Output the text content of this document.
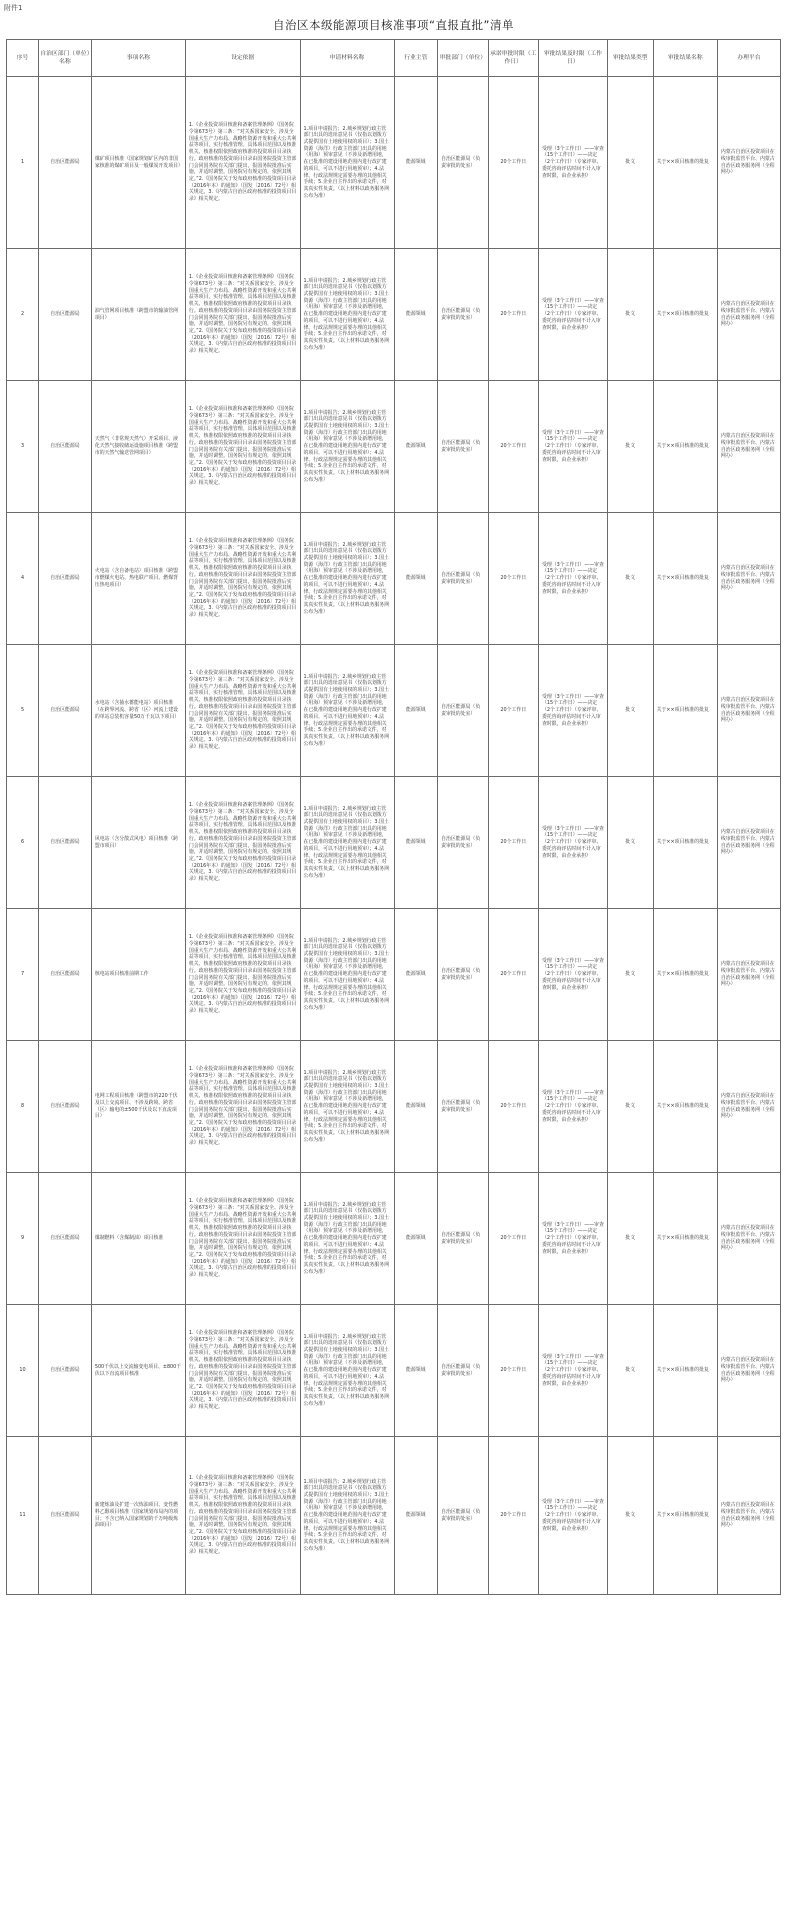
附件1
自治区本级能源项目核准事项“直报直批”清单
序号	自治区部门（单位）名称	事项名称	设定依据	申请材料名称	行业主管	审批部门（单位）	承诺审批时限（工作日）	审批结果及时限（工作日）	审批结果类型	审批结果名称	办理平台
1	自治区能源局	煤矿项目核准（国家规划矿区内的非国家核准的煤矿项目及一般煤炭开发项目）	1.《企业投资项目核准和备案管理条例》（国务院令第673号）第三条：“对关系国家安全、涉及全国重大生产力布局、战略性资源开发和重大公共利益等项目，实行核准管理。具体项目范围以及核准机关、核准权限依照政府核准的投资项目目录执行。政府核准的投资项目目录由国务院投资主管部门会同国务院有关部门提出，报国务院批准后实施，并适时调整。国务院另有规定的，依照其规定。”2.《国务院关于发布政府核准的投资项目目录（2016年本）的通知》（国发〔2016〕72号）相关规定。3.《内蒙古自治区政府核准的投资项目目录》相关规定。	1.项目申请报告；2.城乡规划行政主管部门出具的选址意见书（仅指以划拨方式提供国有土地使用权的项目）；3.国土资源（海洋）行政主管部门出具的用地（用海）预审意见（不涉及新增用地，在已批准的建设用地范围内进行改扩建的项目，可以不进行用地预审）；4.法律、行政法规规定需要办理的其他相关手续；5.企业自主作出的承诺文件，对其真实性负责。（以上材料以政务服务网公布为准）	能源领域	自治区能源局（负责审批的处室）	20个工作日	受理（3个工作日）——审查（15个工作日）——决定（2个工作日）（专家评审、委托咨询评估时间不计入审查时限，由企业承担）	批文	关于××项目核准的批复	内蒙古自治区投资项目在线审批监管平台、内蒙古自治区政务服务网（全程网办）
2	自治区能源局	油气管网项目核准（跨盟市的输油管网项目）	1.《企业投资项目核准和备案管理条例》（国务院令第673号）第三条：“对关系国家安全、涉及全国重大生产力布局、战略性资源开发和重大公共利益等项目，实行核准管理。具体项目范围以及核准机关、核准权限依照政府核准的投资项目目录执行。政府核准的投资项目目录由国务院投资主管部门会同国务院有关部门提出，报国务院批准后实施，并适时调整。国务院另有规定的，依照其规定。”2.《国务院关于发布政府核准的投资项目目录（2016年本）的通知》（国发〔2016〕72号）相关规定。3.《内蒙古自治区政府核准的投资项目目录》相关规定。	1.项目申请报告；2.城乡规划行政主管部门出具的选址意见书（仅指以划拨方式提供国有土地使用权的项目）；3.国土资源（海洋）行政主管部门出具的用地（用海）预审意见（不涉及新增用地，在已批准的建设用地范围内进行改扩建的项目，可以不进行用地预审）；4.法律、行政法规规定需要办理的其他相关手续；5.企业自主作出的承诺文件，对其真实性负责。（以上材料以政务服务网公布为准）	能源领域	自治区能源局（负责审批的处室）	20个工作日	受理（3个工作日）——审查（15个工作日）——决定（2个工作日）（专家评审、委托咨询评估时间不计入审查时限，由企业承担）	批文	关于××项目核准的批复	内蒙古自治区投资项目在线审批监管平台、内蒙古自治区政务服务网（全程网办）
3	自治区能源局	天然气（非常规天然气）开采项目、液化天然气接收储运设施项目核准（跨盟市的天然气输送管网项目）	1.《企业投资项目核准和备案管理条例》（国务院令第673号）第三条：“对关系国家安全、涉及全国重大生产力布局、战略性资源开发和重大公共利益等项目，实行核准管理。具体项目范围以及核准机关、核准权限依照政府核准的投资项目目录执行。政府核准的投资项目目录由国务院投资主管部门会同国务院有关部门提出，报国务院批准后实施，并适时调整。国务院另有规定的，依照其规定。”2.《国务院关于发布政府核准的投资项目目录（2016年本）的通知》（国发〔2016〕72号）相关规定。3.《内蒙古自治区政府核准的投资项目目录》相关规定。	1.项目申请报告；2.城乡规划行政主管部门出具的选址意见书（仅指以划拨方式提供国有土地使用权的项目）；3.国土资源（海洋）行政主管部门出具的用地（用海）预审意见（不涉及新增用地，在已批准的建设用地范围内进行改扩建的项目，可以不进行用地预审）；4.法律、行政法规规定需要办理的其他相关手续；5.企业自主作出的承诺文件，对其真实性负责。（以上材料以政务服务网公布为准）	能源领域	自治区能源局（负责审批的处室）	20个工作日	受理（3个工作日）——审查（15个工作日）——决定（2个工作日）（专家评审、委托咨询评估时间不计入审查时限，由企业承担）	批文	关于××项目核准的批复	内蒙古自治区投资项目在线审批监管平台、内蒙古自治区政务服务网（全程网办）
4	自治区能源局	火电站（含自备电站）项目核准（跨盟市燃煤火电站、热电联产项目、燃煤背压热电项目）	1.《企业投资项目核准和备案管理条例》（国务院令第673号）第三条：“对关系国家安全、涉及全国重大生产力布局、战略性资源开发和重大公共利益等项目，实行核准管理。具体项目范围以及核准机关、核准权限依照政府核准的投资项目目录执行。政府核准的投资项目目录由国务院投资主管部门会同国务院有关部门提出，报国务院批准后实施，并适时调整。国务院另有规定的，依照其规定。”2.《国务院关于发布政府核准的投资项目目录（2016年本）的通知》（国发〔2016〕72号）相关规定。3.《内蒙古自治区政府核准的投资项目目录》相关规定。	1.项目申请报告；2.城乡规划行政主管部门出具的选址意见书（仅指以划拨方式提供国有土地使用权的项目）；3.国土资源（海洋）行政主管部门出具的用地（用海）预审意见（不涉及新增用地，在已批准的建设用地范围内进行改扩建的项目，可以不进行用地预审）；4.法律、行政法规规定需要办理的其他相关手续；5.企业自主作出的承诺文件，对其真实性负责。（以上材料以政务服务网公布为准）	能源领域	自治区能源局（负责审批的处室）	20个工作日	受理（3个工作日）——审查（15个工作日）——决定（2个工作日）（专家评审、委托咨询评估时间不计入审查时限，由企业承担）	批文	关于××项目核准的批复	内蒙古自治区投资项目在线审批监管平台、内蒙古自治区政务服务网（全程网办）
5	自治区能源局	水电站（含抽水蓄能电站）项目核准（在跨界河流、跨省（区）河流上建设的单站总装机容量50万千瓦以下项目）	1.《企业投资项目核准和备案管理条例》（国务院令第673号）第三条：“对关系国家安全、涉及全国重大生产力布局、战略性资源开发和重大公共利益等项目，实行核准管理。具体项目范围以及核准机关、核准权限依照政府核准的投资项目目录执行。政府核准的投资项目目录由国务院投资主管部门会同国务院有关部门提出，报国务院批准后实施，并适时调整。国务院另有规定的，依照其规定。”2.《国务院关于发布政府核准的投资项目目录（2016年本）的通知》（国发〔2016〕72号）相关规定。3.《内蒙古自治区政府核准的投资项目目录》相关规定。	1.项目申请报告；2.城乡规划行政主管部门出具的选址意见书（仅指以划拨方式提供国有土地使用权的项目）；3.国土资源（海洋）行政主管部门出具的用地（用海）预审意见（不涉及新增用地，在已批准的建设用地范围内进行改扩建的项目，可以不进行用地预审）；4.法律、行政法规规定需要办理的其他相关手续；5.企业自主作出的承诺文件，对其真实性负责。（以上材料以政务服务网公布为准）	能源领域	自治区能源局（负责审批的处室）	20个工作日	受理（3个工作日）——审查（15个工作日）——决定（2个工作日）（专家评审、委托咨询评估时间不计入审查时限，由企业承担）	批文	关于××项目核准的批复	内蒙古自治区投资项目在线审批监管平台、内蒙古自治区政务服务网（全程网办）
6	自治区能源局	风电站（含分散式风电）项目核准（跨盟市项目）	1.《企业投资项目核准和备案管理条例》（国务院令第673号）第三条：“对关系国家安全、涉及全国重大生产力布局、战略性资源开发和重大公共利益等项目，实行核准管理。具体项目范围以及核准机关、核准权限依照政府核准的投资项目目录执行。政府核准的投资项目目录由国务院投资主管部门会同国务院有关部门提出，报国务院批准后实施，并适时调整。国务院另有规定的，依照其规定。”2.《国务院关于发布政府核准的投资项目目录（2016年本）的通知》（国发〔2016〕72号）相关规定。3.《内蒙古自治区政府核准的投资项目目录》相关规定。	1.项目申请报告；2.城乡规划行政主管部门出具的选址意见书（仅指以划拨方式提供国有土地使用权的项目）；3.国土资源（海洋）行政主管部门出具的用地（用海）预审意见（不涉及新增用地，在已批准的建设用地范围内进行改扩建的项目，可以不进行用地预审）；4.法律、行政法规规定需要办理的其他相关手续；5.企业自主作出的承诺文件，对其真实性负责。（以上材料以政务服务网公布为准）	能源领域	自治区能源局（负责审批的处室）	20个工作日	受理（3个工作日）——审查（15个工作日）——决定（2个工作日）（专家评审、委托咨询评估时间不计入审查时限，由企业承担）	批文	关于××项目核准的批复	内蒙古自治区投资项目在线审批监管平台、内蒙古自治区政务服务网（全程网办）
7	自治区能源局	核电站项目核准前期工作	1.《企业投资项目核准和备案管理条例》（国务院令第673号）第三条：“对关系国家安全、涉及全国重大生产力布局、战略性资源开发和重大公共利益等项目，实行核准管理。具体项目范围以及核准机关、核准权限依照政府核准的投资项目目录执行。政府核准的投资项目目录由国务院投资主管部门会同国务院有关部门提出，报国务院批准后实施，并适时调整。国务院另有规定的，依照其规定。”2.《国务院关于发布政府核准的投资项目目录（2016年本）的通知》（国发〔2016〕72号）相关规定。3.《内蒙古自治区政府核准的投资项目目录》相关规定。	1.项目申请报告；2.城乡规划行政主管部门出具的选址意见书（仅指以划拨方式提供国有土地使用权的项目）；3.国土资源（海洋）行政主管部门出具的用地（用海）预审意见（不涉及新增用地，在已批准的建设用地范围内进行改扩建的项目，可以不进行用地预审）；4.法律、行政法规规定需要办理的其他相关手续；5.企业自主作出的承诺文件，对其真实性负责。（以上材料以政务服务网公布为准）	能源领域	自治区能源局（负责审批的处室）	20个工作日	受理（3个工作日）——审查（15个工作日）——决定（2个工作日）（专家评审、委托咨询评估时间不计入审查时限，由企业承担）	批文	关于××项目核准的批复	内蒙古自治区投资项目在线审批监管平台、内蒙古自治区政务服务网（全程网办）
8	自治区能源局	电网工程项目核准（跨盟市的220千伏及以上交流项目、不涉及跨境、跨省（区）输电的±500千伏及以下直流项目）	1.《企业投资项目核准和备案管理条例》（国务院令第673号）第三条：“对关系国家安全、涉及全国重大生产力布局、战略性资源开发和重大公共利益等项目，实行核准管理。具体项目范围以及核准机关、核准权限依照政府核准的投资项目目录执行。政府核准的投资项目目录由国务院投资主管部门会同国务院有关部门提出，报国务院批准后实施，并适时调整。国务院另有规定的，依照其规定。”2.《国务院关于发布政府核准的投资项目目录（2016年本）的通知》（国发〔2016〕72号）相关规定。3.《内蒙古自治区政府核准的投资项目目录》相关规定。	1.项目申请报告；2.城乡规划行政主管部门出具的选址意见书（仅指以划拨方式提供国有土地使用权的项目）；3.国土资源（海洋）行政主管部门出具的用地（用海）预审意见（不涉及新增用地，在已批准的建设用地范围内进行改扩建的项目，可以不进行用地预审）；4.法律、行政法规规定需要办理的其他相关手续；5.企业自主作出的承诺文件，对其真实性负责。（以上材料以政务服务网公布为准）	能源领域	自治区能源局（负责审批的处室）	20个工作日	受理（3个工作日）——审查（15个工作日）——决定（2个工作日）（专家评审、委托咨询评估时间不计入审查时限，由企业承担）	批文	关于××项目核准的批复	内蒙古自治区投资项目在线审批监管平台、内蒙古自治区政务服务网（全程网办）
9	自治区能源局	煤制燃料（含煤制油）项目核准	1.《企业投资项目核准和备案管理条例》（国务院令第673号）第三条：“对关系国家安全、涉及全国重大生产力布局、战略性资源开发和重大公共利益等项目，实行核准管理。具体项目范围以及核准机关、核准权限依照政府核准的投资项目目录执行。政府核准的投资项目目录由国务院投资主管部门会同国务院有关部门提出，报国务院批准后实施，并适时调整。国务院另有规定的，依照其规定。”2.《国务院关于发布政府核准的投资项目目录（2016年本）的通知》（国发〔2016〕72号）相关规定。3.《内蒙古自治区政府核准的投资项目目录》相关规定。	1.项目申请报告；2.城乡规划行政主管部门出具的选址意见书（仅指以划拨方式提供国有土地使用权的项目）；3.国土资源（海洋）行政主管部门出具的用地（用海）预审意见（不涉及新增用地，在已批准的建设用地范围内进行改扩建的项目，可以不进行用地预审）；4.法律、行政法规规定需要办理的其他相关手续；5.企业自主作出的承诺文件，对其真实性负责。（以上材料以政务服务网公布为准）	能源领域	自治区能源局（负责审批的处室）	20个工作日	受理（3个工作日）——审查（15个工作日）——决定（2个工作日）（专家评审、委托咨询评估时间不计入审查时限，由企业承担）	批文	关于××项目核准的批复	内蒙古自治区投资项目在线审批监管平台、内蒙古自治区政务服务网（全程网办）
10	自治区能源局	500千伏以上交流输变电项目、±800千伏以下直流项目核准	1.《企业投资项目核准和备案管理条例》（国务院令第673号）第三条：“对关系国家安全、涉及全国重大生产力布局、战略性资源开发和重大公共利益等项目，实行核准管理。具体项目范围以及核准机关、核准权限依照政府核准的投资项目目录执行。政府核准的投资项目目录由国务院投资主管部门会同国务院有关部门提出，报国务院批准后实施，并适时调整。国务院另有规定的，依照其规定。”2.《国务院关于发布政府核准的投资项目目录（2016年本）的通知》（国发〔2016〕72号）相关规定。3.《内蒙古自治区政府核准的投资项目目录》相关规定。	1.项目申请报告；2.城乡规划行政主管部门出具的选址意见书（仅指以划拨方式提供国有土地使用权的项目）；3.国土资源（海洋）行政主管部门出具的用地（用海）预审意见（不涉及新增用地，在已批准的建设用地范围内进行改扩建的项目，可以不进行用地预审）；4.法律、行政法规规定需要办理的其他相关手续；5.企业自主作出的承诺文件，对其真实性负责。（以上材料以政务服务网公布为准）	能源领域	自治区能源局（负责审批的处室）	20个工作日	受理（3个工作日）——审查（15个工作日）——决定（2个工作日）（专家评审、委托咨询评估时间不计入审查时限，由企业承担）	批文	关于××项目核准的批复	内蒙古自治区投资项目在线审批监管平台、内蒙古自治区政务服务网（全程网办）
11	自治区能源局	新建炼油及扩建一次炼油项目、变性燃料乙醇项目核准（国家规划布局内的项目；不含已纳入国家规划的千万吨级炼油项目）	1.《企业投资项目核准和备案管理条例》（国务院令第673号）第三条：“对关系国家安全、涉及全国重大生产力布局、战略性资源开发和重大公共利益等项目，实行核准管理。具体项目范围以及核准机关、核准权限依照政府核准的投资项目目录执行。政府核准的投资项目目录由国务院投资主管部门会同国务院有关部门提出，报国务院批准后实施，并适时调整。国务院另有规定的，依照其规定。”2.《国务院关于发布政府核准的投资项目目录（2016年本）的通知》（国发〔2016〕72号）相关规定。3.《内蒙古自治区政府核准的投资项目目录》相关规定。	1.项目申请报告；2.城乡规划行政主管部门出具的选址意见书（仅指以划拨方式提供国有土地使用权的项目）；3.国土资源（海洋）行政主管部门出具的用地（用海）预审意见（不涉及新增用地，在已批准的建设用地范围内进行改扩建的项目，可以不进行用地预审）；4.法律、行政法规规定需要办理的其他相关手续；5.企业自主作出的承诺文件，对其真实性负责。（以上材料以政务服务网公布为准）	能源领域	自治区能源局（负责审批的处室）	20个工作日	受理（3个工作日）——审查（15个工作日）——决定（2个工作日）（专家评审、委托咨询评估时间不计入审查时限，由企业承担）	批文	关于××项目核准的批复	内蒙古自治区投资项目在线审批监管平台、内蒙古自治区政务服务网（全程网办）
